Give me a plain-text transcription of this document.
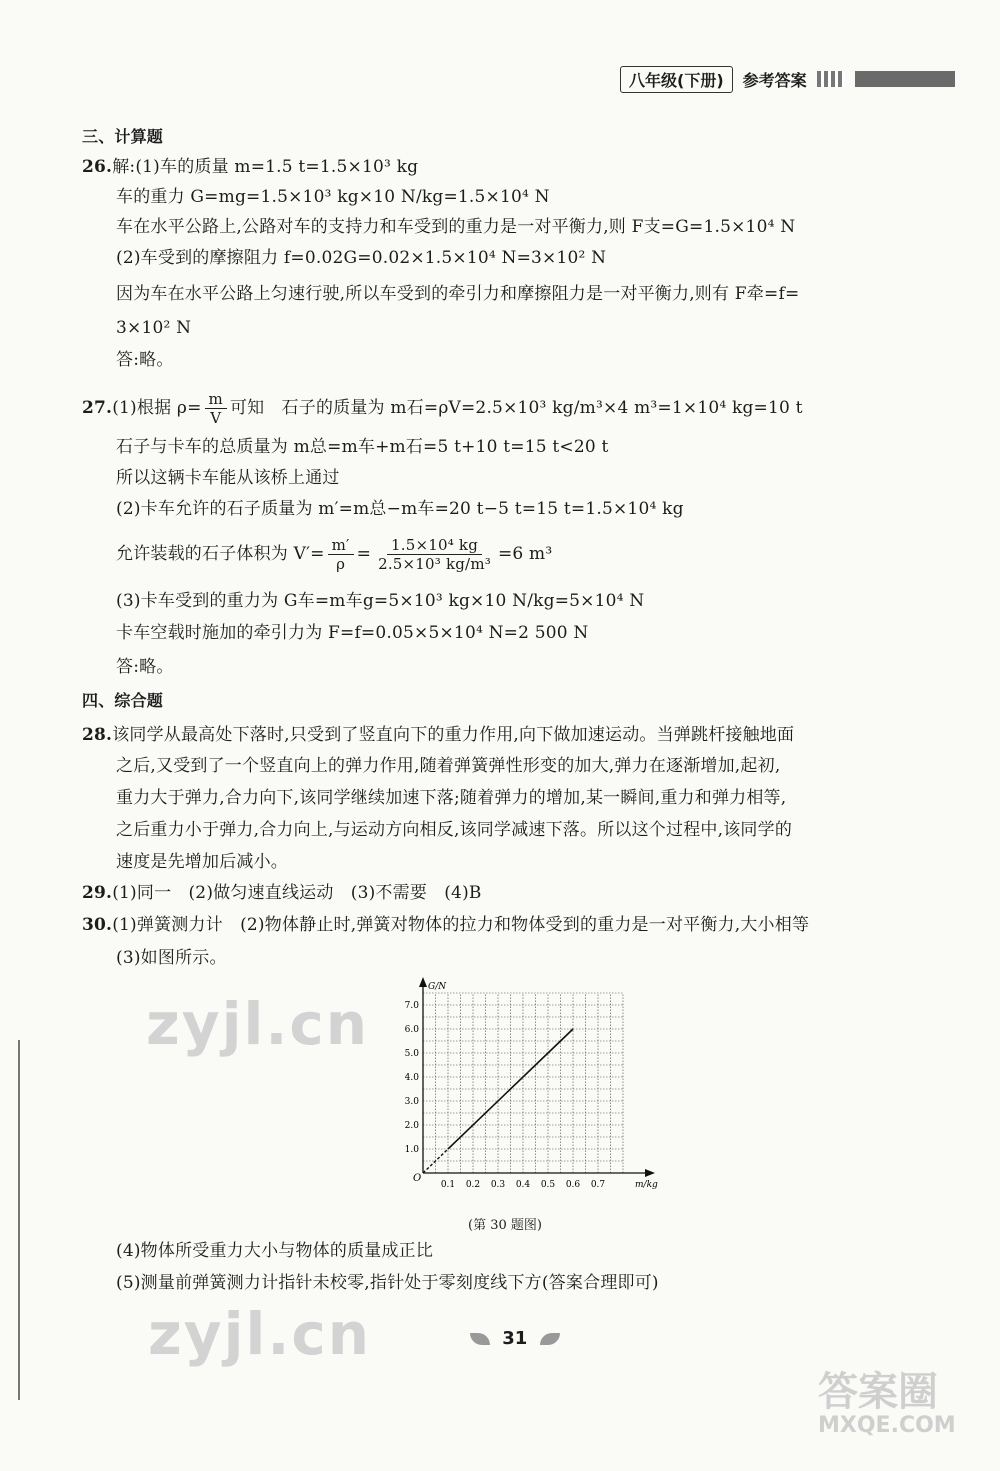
八年级(下册)	参考答案
三、计算题
26.解:(1)车的质量 m=1.5 t=1.5×10³ kg
车的重力 G=mg=1.5×10³ kg×10 N/kg=1.5×10⁴ N
车在水平公路上,公路对车的支持力和车受到的重力是一对平衡力,则 F支=G=1.5×10⁴ N
(2)车受到的摩擦阻力 f=0.02G=0.02×1.5×10⁴ N=3×10² N
因为车在水平公路上匀速行驶,所以车受到的牵引力和摩擦阻力是一对平衡力,则有 F牵=f=
3×10² N
答:略。
27.(1)根据 $\rho= \frac{m}{V}$ 可知　石子的质量为 m石=ρV=2.5×10³ kg/m³×4 m³=1×10⁴ kg=10 t
石子与卡车的总质量为 m总=m车+m石=5 t+10 t=15 t<20 t
所以这辆卡车能从该桥上通过
(2)卡车允许的石子质量为 m′=m总−m车=20 t−5 t=15 t=1.5×10⁴ kg
允许装载的石子体积为 $V'= \frac{m'}{\rho} = \frac{\text{1.5×10⁴ kg}}{\text{2.5×10³ kg/m³}} =6$ m³
(3)卡车受到的重力为 G车=m车g=5×10³ kg×10 N/kg=5×10⁴ N
卡车空载时施加的牵引力为 F=f=0.05×5×10⁴ N=2 500 N
答:略。
四、综合题
28.该同学从最高处下落时,只受到了竖直向下的重力作用,向下做加速运动。当弹跳杆接触地面
之后,又受到了一个竖直向上的弹力作用,随着弹簧弹性形变的加大,弹力在逐渐增加,起初,
重力大于弹力,合力向下,该同学继续加速下落;随着弹力的增加,某一瞬间,重力和弹力相等,
之后重力小于弹力,合力向上,与运动方向相反,该同学减速下落。所以这个过程中,该同学的
速度是先增加后减小。
29.(1)同一　(2)做匀速直线运动　(3)不需要　(4)B
30.(1)弹簧测力计　(2)物体静止时,弹簧对物体的拉力和物体受到的重力是一对平衡力,大小相等
(3)如图所示。
zyjl.cn
zyjl.cn
0.1 0.2 0.3 0.4 0.5 0.6 0.7
1.0
2.0
3.0
4.0
5.0
6.0
7.0
O
G/N
m/kg
(第 30 题图)
(4)物体所受重力大小与物体的质量成正比
(5)测量前弹簧测力计指针未校零,指针处于零刻度线下方(答案合理即可)
31
答案圈
MXQE.COM
